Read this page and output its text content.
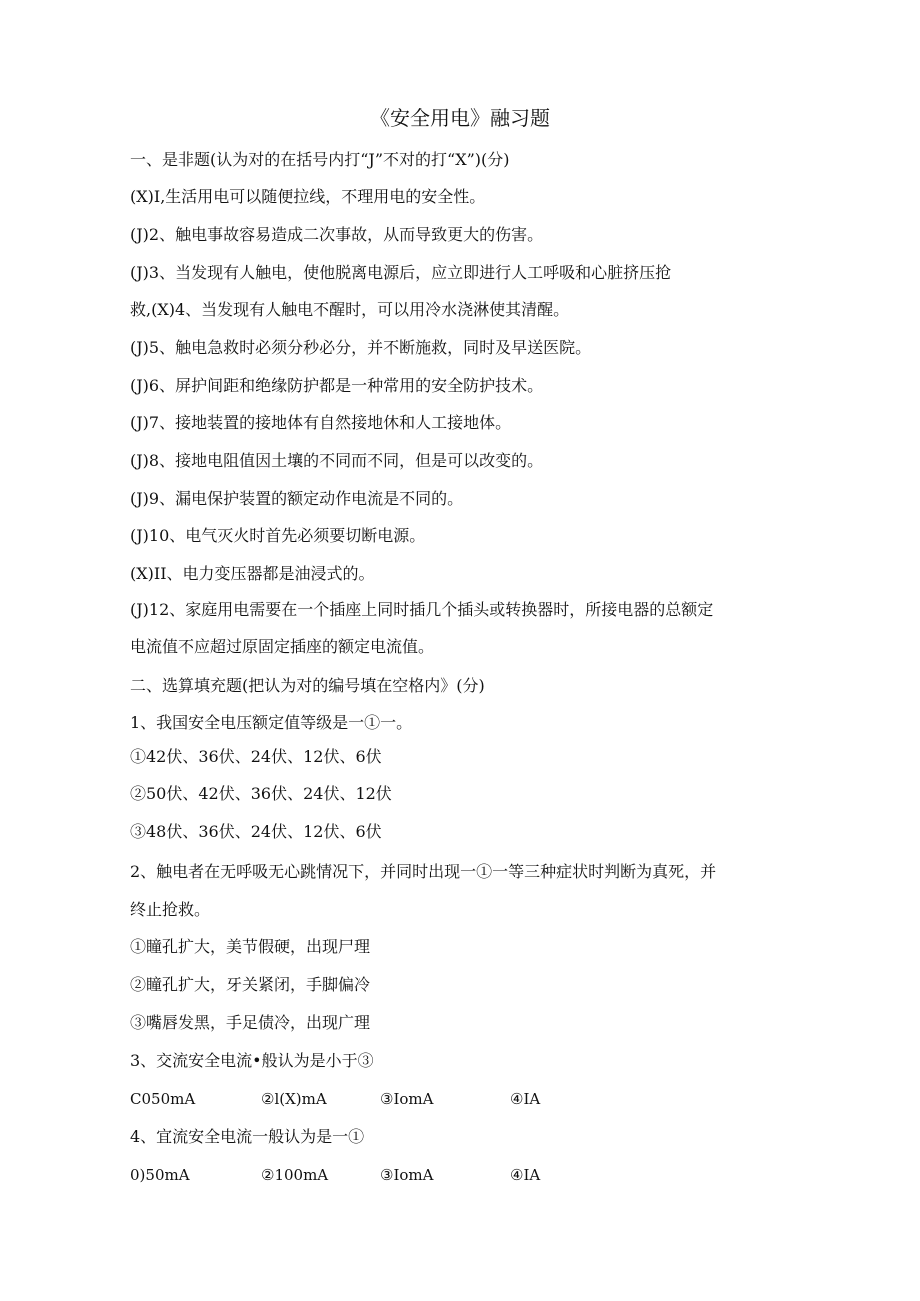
《安全用电》融习题
一、是非题(认为对的在括号内打“J”不对的打“X”)(分)
(X)I,生活用电可以随便拉线，不理用电的安全性。
(J)2、触电事故容易造成二次事故，从而导致更大的伤害。
(J)3、当发现有人触电，使他脱离电源后，应立即进行人工呼吸和心脏挤压抢
救,(X)4、当发现有人触电不醒时，可以用冷水浇淋使其清醒。
(J)5、触电急救时必须分秒必分，并不断施救，同时及早送医院。
(J)6、屏护间距和绝缘防护都是一种常用的安全防护技术。
(J)7、接地装置的接地体有自然接地休和人工接地体。
(J)8、接地电阻值因土壤的不同而不同，但是可以改变的。
(J)9、漏电保护装置的额定动作电流是不同的。
(J)10、电气灭火时首先必须要切断电源。
(X)II、电力变压器都是油浸式的。
(J)12、家庭用电需要在一个插座上同时插几个插头或转换器时，所接电器的总额定
电流值不应超过原固定插座的额定电流值。
二、选算填充题(把认为对的编号填在空格内》(分)
1、我国安全电压额定值等级是一①一。
①42伏、36伏、24伏、12伏、6伏
②50伏、42伏、36伏、24伏、12伏
③48伏、36伏、24伏、12伏、6伏
2、触电者在无呼吸无心跳情况下，并同时出现一①一等三种症状时判断为真死，并
终止抢救。
①瞳孔扩大，美节假硬，出现尸理
②瞳孔扩大，牙关紧闭，手脚偏冷
③嘴唇发黑，手足债冷，出现广理
3、交流安全电流•般认为是小于③
C050mA	②l(X)mA	③IomA	④IA
4、宜流安全电流一般认为是一①
0)50mA	②100mA	③IomA	④IA
